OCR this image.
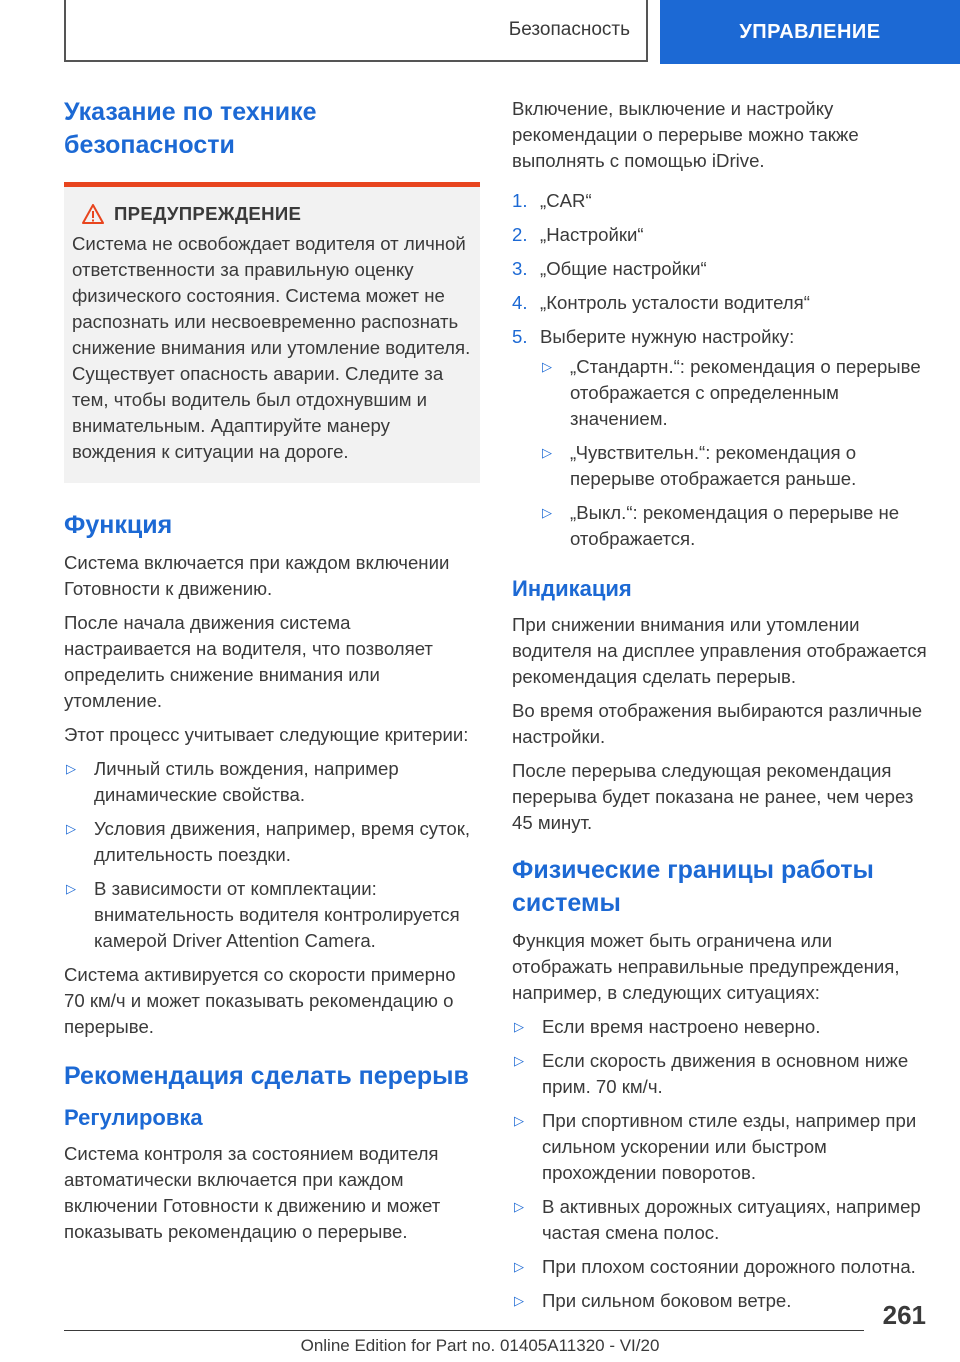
Безопасность	УПРАВЛЕНИЕ
Указание по технике безопасности
ПРЕДУПРЕЖДЕНИЕ

Система не освобождает водителя от личной ответственности за правильную оценку физического состояния. Система может не распознать или несвоевременно распознать снижение внимания или утомление водителя. Существует опасность аварии. Следите за тем, чтобы водитель был отдохнувшим и внимательным. Адаптируйте манеру вождения к ситуации на дороге.

Функция

Система включается при каждом включении Готовности к движению.

После начала движения система настраивается на водителя, что позволяет определить снижение внимания или утомление.

Этот процесс учитывает следующие критерии:

▷ Личный стиль вождения, например динамические свойства.
▷ Условия движения, например, время суток, длительность поездки.
▷ В зависимости от комплектации: внимательность водителя контролируется камерой Driver Attention Camera.

Система активируется со скорости примерно 70 км/ч и может показывать рекомендацию о перерыве.

Рекомендация сделать перерыв
Регулировка

Система контроля за состоянием водителя автоматически включается при каждом включении Готовности к движению и может показывать рекомендацию о перерыве.

Включение, выключение и настройку рекомендации о перерыве можно также выполнять с помощью iDrive.

1. „CAR“
2. „Настройки“
3. „Общие настройки“
4. „Контроль усталости водителя“
5. Выберите нужную настройку:
▷ „Стандартн.“: рекомендация о перерыве отображается с определенным значением.
▷ „Чувствительн.“: рекомендация о перерыве отображается раньше.
▷ „Выкл.“: рекомендация о перерыве не отображается.
Индикация

При снижении внимания или утомлении водителя на дисплее управления отображается рекомендация сделать перерыв.

Во время отображения выбираются различные настройки.

После перерыва следующая рекомендация перерыва будет показана не ранее, чем через 45 минут.

Физические границы работы системы

Функция может быть ограничена или отображать неправильные предупреждения, например, в следующих ситуациях:

▷ Если время настроено неверно.
▷ Если скорость движения в основном ниже прим. 70 км/ч.
▷ При спортивном стиле езды, например при сильном ускорении или быстром прохождении поворотов.
▷ В активных дорожных ситуациях, например частая смена полос.
▷ При плохом состоянии дорожного полотна.
▷ При сильном боковом ветре.	261
Online Edition for Part no. 01405A11320 - VI/20
